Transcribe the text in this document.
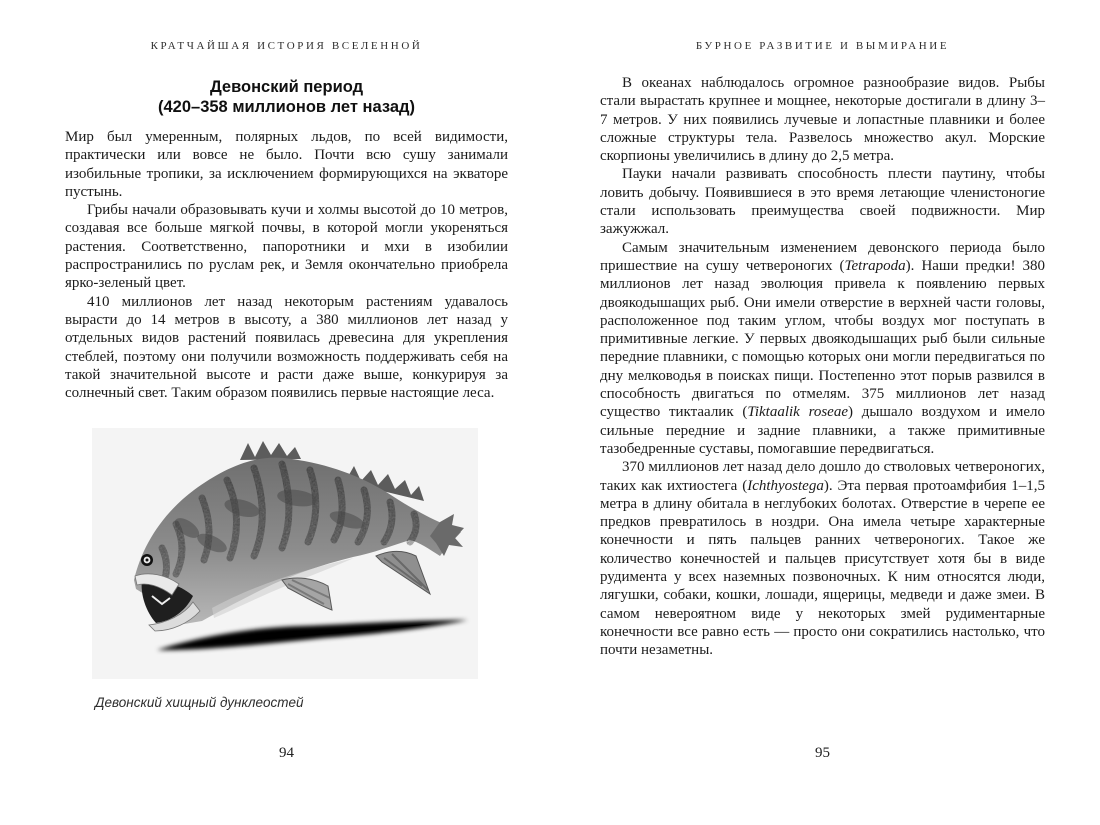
КРАТЧАЙШАЯ ИСТОРИЯ ВСЕЛЕННОЙ
Девонский период
(420–358 миллионов лет назад)

Мир был умеренным, полярных льдов, по всей видимости, практически или вовсе не было. Почти всю сушу занимали изобильные тропики, за исключением формирующихся на экваторе пустынь.

Грибы начали образовывать кучи и холмы высотой до 10 метров, создавая все больше мягкой почвы, в которой могли укореняться растения. Соответственно, папоротники и мхи в изобилии распространились по руслам рек, и Земля окончательно приобрела ярко-зеленый цвет.

410 миллионов лет назад некоторым растениям удавалось вырасти до 14 метров в высоту, а 380 миллионов лет назад у отдельных видов растений появилась древесина для укрепления стеблей, поэтому они получили возможность поддерживать себя на такой значительной высоте и расти даже выше, конкурируя за солнечный свет. Таким образом появились первые настоящие леса.

Девонский хищный дунклеостей
БУРНОЕ РАЗВИТИЕ И ВЫМИРАНИЕ

В океанах наблюдалось огромное разнообразие видов. Рыбы стали вырастать крупнее и мощнее, некоторые достигали в длину 3–7 метров. У них появились лучевые и лопастные плавники и более сложные структуры тела. Развелось множество акул. Морские скорпионы увеличились в длину до 2,5 метра.

Пауки начали развивать способность плести паутину, чтобы ловить добычу. Появившиеся в это время летающие членистоногие стали использовать преимущества своей подвижности. Мир зажужжал.

Самым значительным изменением девонского периода было пришествие на сушу четвероногих (Tetrapoda). Наши предки! 380 миллионов лет назад эволюция привела к появлению первых двоякодышащих рыб. Они имели отверстие в верхней части головы, расположенное под таким углом, чтобы воздух мог поступать в примитивные легкие. У первых двоякодышащих рыб были сильные передние плавники, с помощью которых они могли передвигаться по дну мелководья в поисках пищи. Постепенно этот порыв развился в способность двигаться по отмелям. 375 миллионов лет назад существо тиктаалик (Tiktaalik roseae) дышало воздухом и имело сильные передние и задние плавники, а также примитивные тазобедренные суставы, помогавшие передвигаться.

370 миллионов лет назад дело дошло до стволовых четвероногих, таких как ихтиостега (Ichthyostega). Эта первая протоамфибия 1–1,5 метра в длину обитала в неглубоких болотах. Отверстие в черепе ее предков превратилось в ноздри. Она имела четыре характерные конечности и пять пальцев ранних четвероногих. Такое же количество конечностей и пальцев присутствует хотя бы в виде рудимента у всех наземных позвоночных. К ним относятся люди, лягушки, собаки, кошки, лошади, ящерицы, медведи и даже змеи. В самом невероятном виде у некоторых змей рудиментарные конечности все равно есть — просто они сократились настолько, что почти незаметны.

94	95
